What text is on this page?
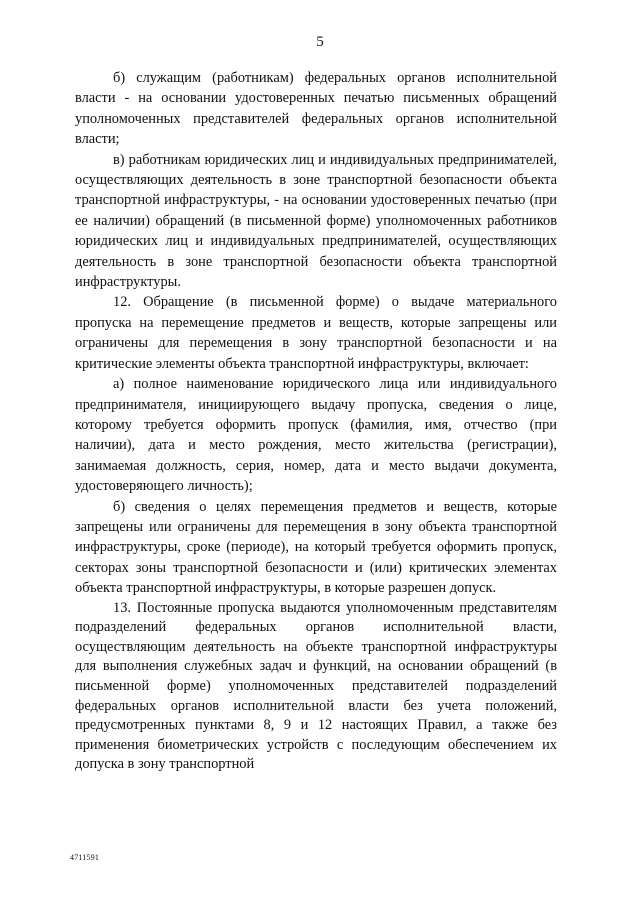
5

б) служащим (работникам) федеральных органов исполнительной власти - на основании удостоверенных печатью письменных обращений уполномоченных представителей федеральных органов исполнительной власти;

в) работникам юридических лиц и индивидуальных предпринимателей, осуществляющих деятельность в зоне транспортной безопасности объекта транспортной инфраструктуры, - на основании удостоверенных печатью (при ее наличии) обращений (в письменной форме) уполномоченных работников юридических лиц и индивидуальных предпринимателей, осуществляющих деятельность в зоне транспортной безопасности объекта транспортной инфраструктуры.

12. Обращение (в письменной форме) о выдаче материального пропуска на перемещение предметов и веществ, которые запрещены или ограничены для перемещения в зону транспортной безопасности и на критические элементы объекта транспортной инфраструктуры, включает:

а) полное наименование юридического лица или индивидуального предпринимателя, инициирующего выдачу пропуска, сведения о лице, которому требуется оформить пропуск (фамилия, имя, отчество (при наличии), дата и место рождения, место жительства (регистрации), занимаемая должность, серия, номер, дата и место выдачи документа, удостоверяющего личность);

б) сведения о целях перемещения предметов и веществ, которые запрещены или ограничены для перемещения в зону объекта транспортной инфраструктуры, сроке (периоде), на который требуется оформить пропуск, секторах зоны транспортной безопасности и (или) критических элементах объекта транспортной инфраструктуры, в которые разрешен допуск.

13. Постоянные пропуска выдаются уполномоченным представителям подразделений федеральных органов исполнительной власти, осуществляющим деятельность на объекте транспортной инфраструктуры для выполнения служебных задач и функций, на основании обращений (в письменной форме) уполномоченных представителей подразделений федеральных органов исполнительной власти без учета положений, предусмотренных пунктами 8, 9 и 12 настоящих Правил, а также без применения биометрических устройств с последующим обеспечением их допуска в зону транспортной

4711591
